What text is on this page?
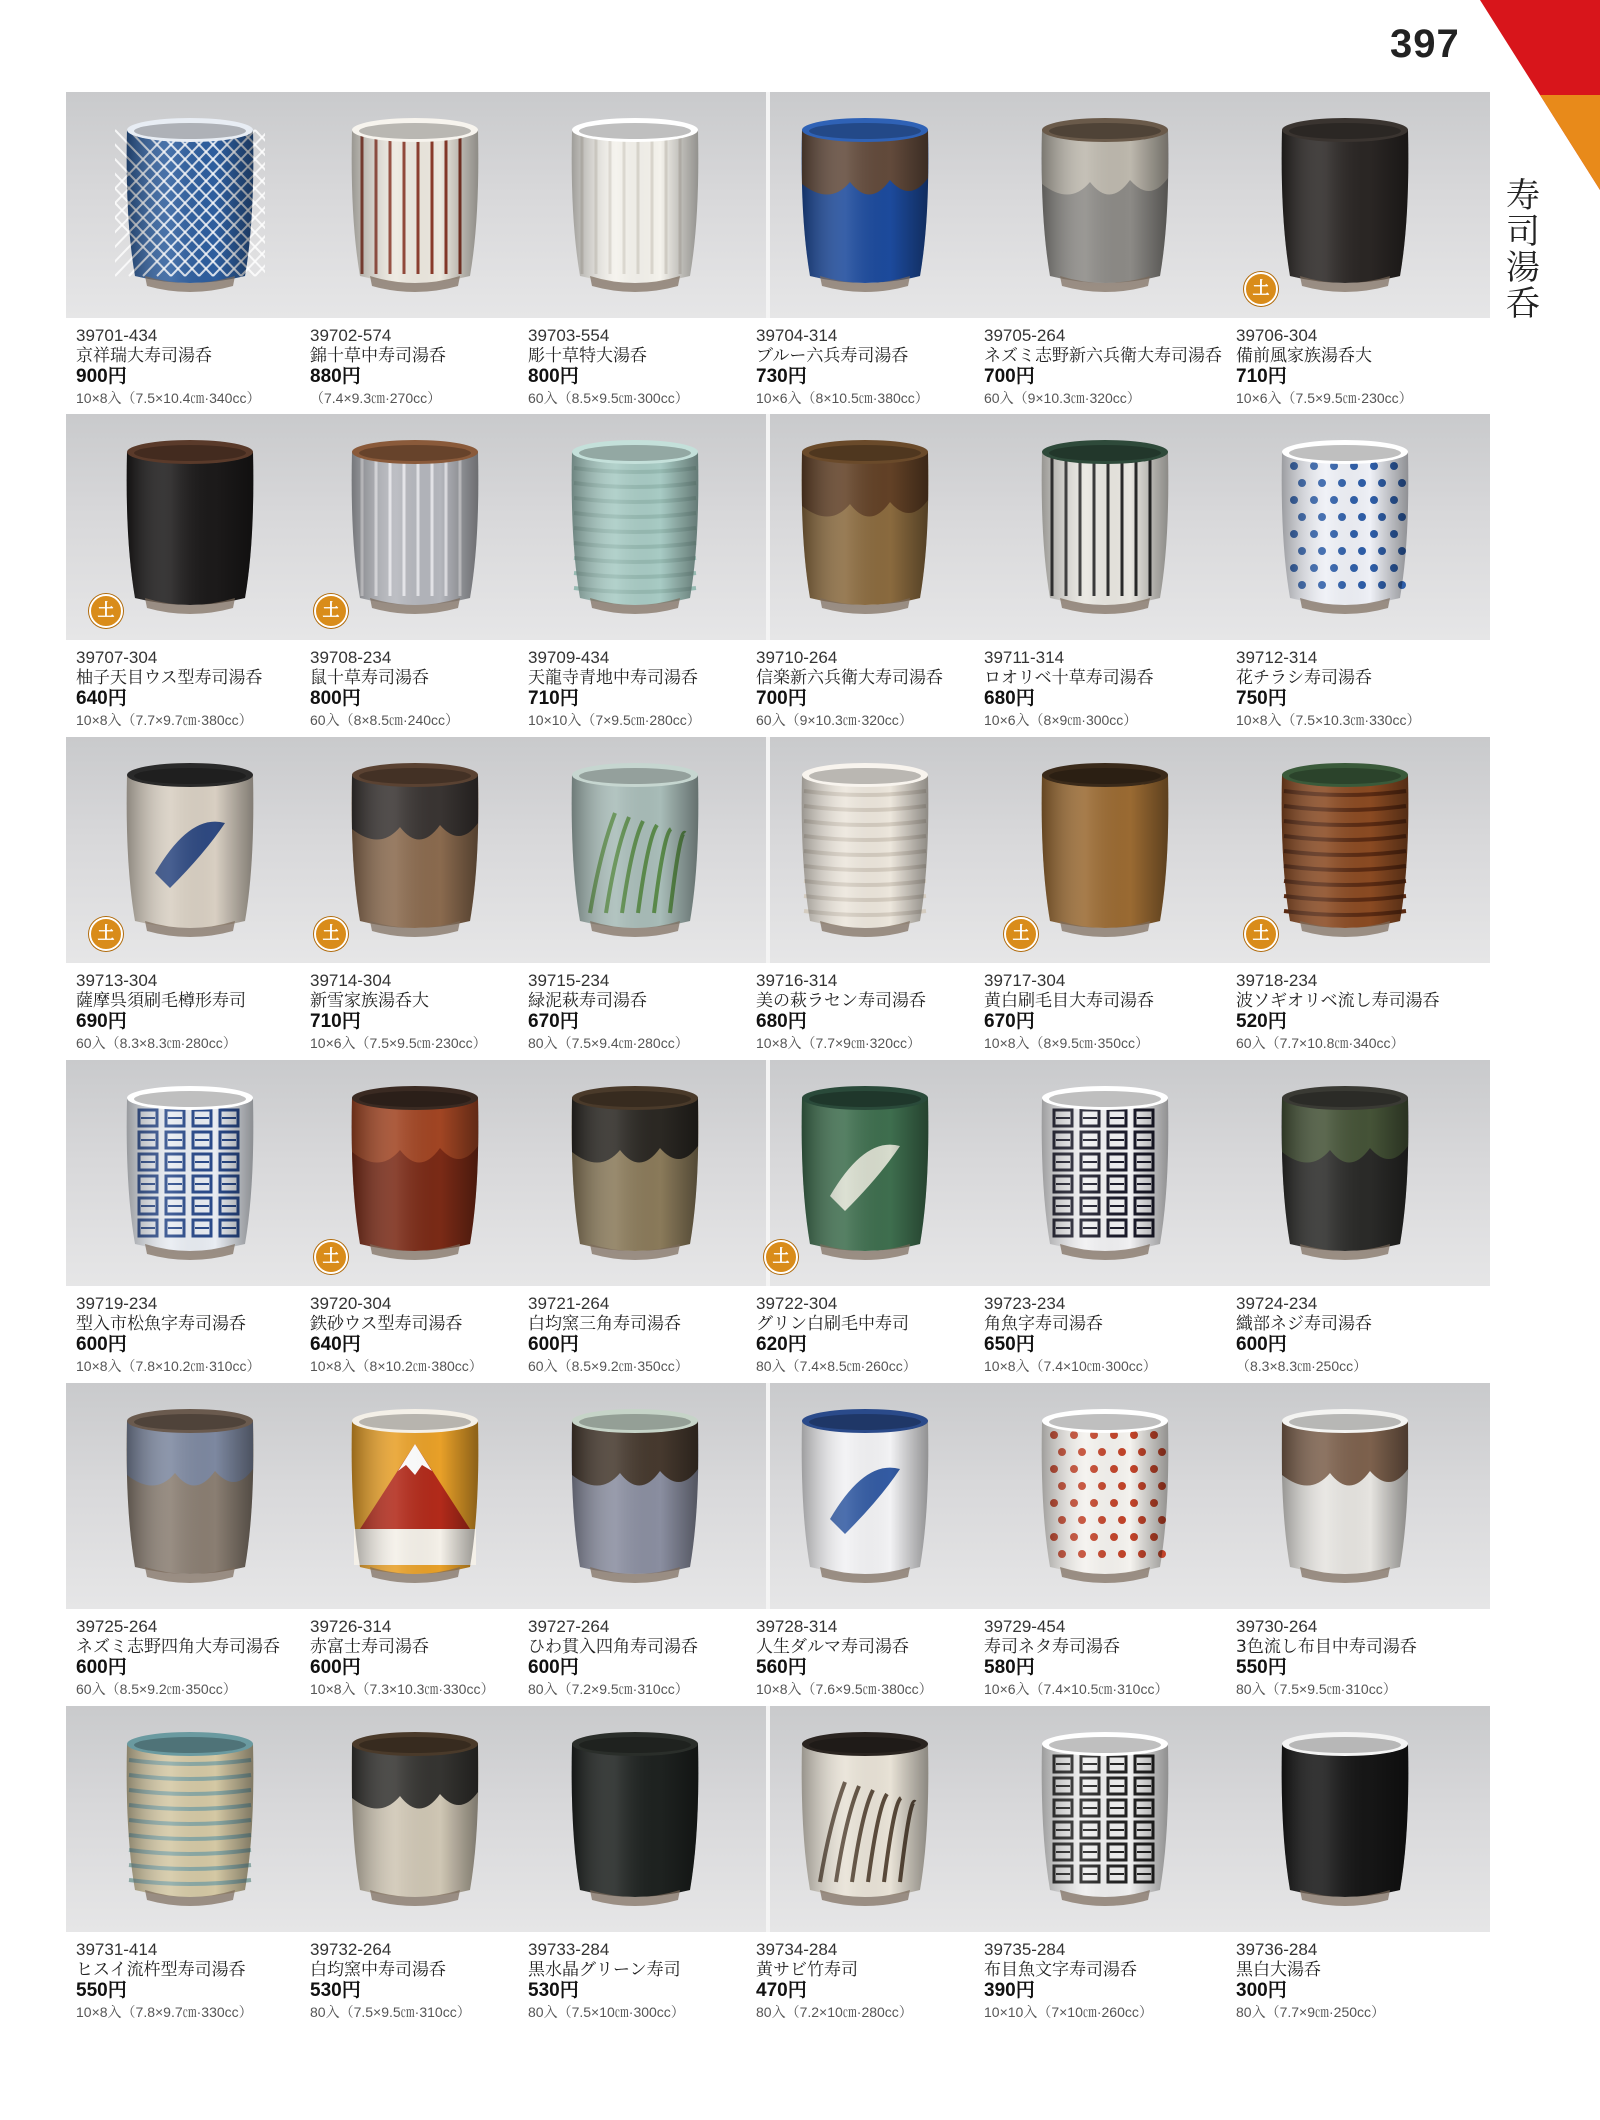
397
寿
司
湯
呑
39701-434
京祥瑞大寿司湯呑
900円
10×8入（7.5×10.4㎝·340cc）
39702-574
錦十草中寿司湯呑
880円
（7.4×9.3㎝·270cc）
39703-554
彫十草特大湯呑
800円
60入（8.5×9.5㎝·300cc）
39704-314
ブルー六兵寿司湯呑
730円
10×6入（8×10.5㎝·380cc）
39705-264
ネズミ志野新六兵衛大寿司湯呑
700円
60入（9×10.3㎝·320cc）
土
39706-304
備前風家族湯呑大
710円
10×6入（7.5×9.5㎝·230cc）
土
39707-304
柚子天目ウス型寿司湯呑
640円
10×8入（7.7×9.7㎝·380cc）
土
39708-234
鼠十草寿司湯呑
800円
60入（8×8.5㎝·240cc）
39709-434
天龍寺青地中寿司湯呑
710円
10×10入（7×9.5㎝·280cc）
39710-264
信楽新六兵衛大寿司湯呑
700円
60入（9×10.3㎝·320cc）
39711-314
ロオリベ十草寿司湯呑
680円
10×6入（8×9㎝·300cc）
39712-314
花チラシ寿司湯呑
750円
10×8入（7.5×10.3㎝·330cc）
土
39713-304
薩摩呉須刷毛樽形寿司
690円
60入（8.3×8.3㎝·280cc）
土
39714-304
新雪家族湯呑大
710円
10×6入（7.5×9.5㎝·230cc）
39715-234
緑泥萩寿司湯呑
670円
80入（7.5×9.4㎝·280cc）
39716-314
美の萩ラセン寿司湯呑
680円
10×8入（7.7×9㎝·320cc）
土
39717-304
黄白刷毛目大寿司湯呑
670円
10×8入（8×9.5㎝·350cc）
土
39718-234
波ソギオリベ流し寿司湯呑
520円
60入（7.7×10.8㎝·340cc）
39719-234
型入市松魚字寿司湯呑
600円
10×8入（7.8×10.2㎝·310cc）
土
39720-304
鉄砂ウス型寿司湯呑
640円
10×8入（8×10.2㎝·380cc）
39721-264
白均窯三角寿司湯呑
600円
60入（8.5×9.2㎝·350cc）
土
39722-304
グリン白刷毛中寿司
620円
80入（7.4×8.5㎝·260cc）
39723-234
角魚字寿司湯呑
650円
10×8入（7.4×10㎝·300cc）
39724-234
織部ネジ寿司湯呑
600円
（8.3×8.3㎝·250cc）
39725-264
ネズミ志野四角大寿司湯呑
600円
60入（8.5×9.2㎝·350cc）
39726-314
赤富士寿司湯呑
600円
10×8入（7.3×10.3㎝·330cc）
39727-264
ひわ貫入四角寿司湯呑
600円
80入（7.2×9.5㎝·310cc）
39728-314
人生ダルマ寿司湯呑
560円
10×8入（7.6×9.5㎝·380cc）
39729-454
寿司ネタ寿司湯呑
580円
10×6入（7.4×10.5㎝·310cc）
39730-264
3色流し布目中寿司湯呑
550円
80入（7.5×9.5㎝·310cc）
39731-414
ヒスイ流杵型寿司湯呑
550円
10×8入（7.8×9.7㎝·330cc）
39732-264
白均窯中寿司湯呑
530円
80入（7.5×9.5㎝·310cc）
39733-284
黒水晶グリーン寿司
530円
80入（7.5×10㎝·300cc）
39734-284
黄サビ竹寿司
470円
80入（7.2×10㎝·280cc）
39735-284
布目魚文字寿司湯呑
390円
10×10入（7×10㎝·260cc）
39736-284
黒白大湯呑
300円
80入（7.7×9㎝·250cc）
